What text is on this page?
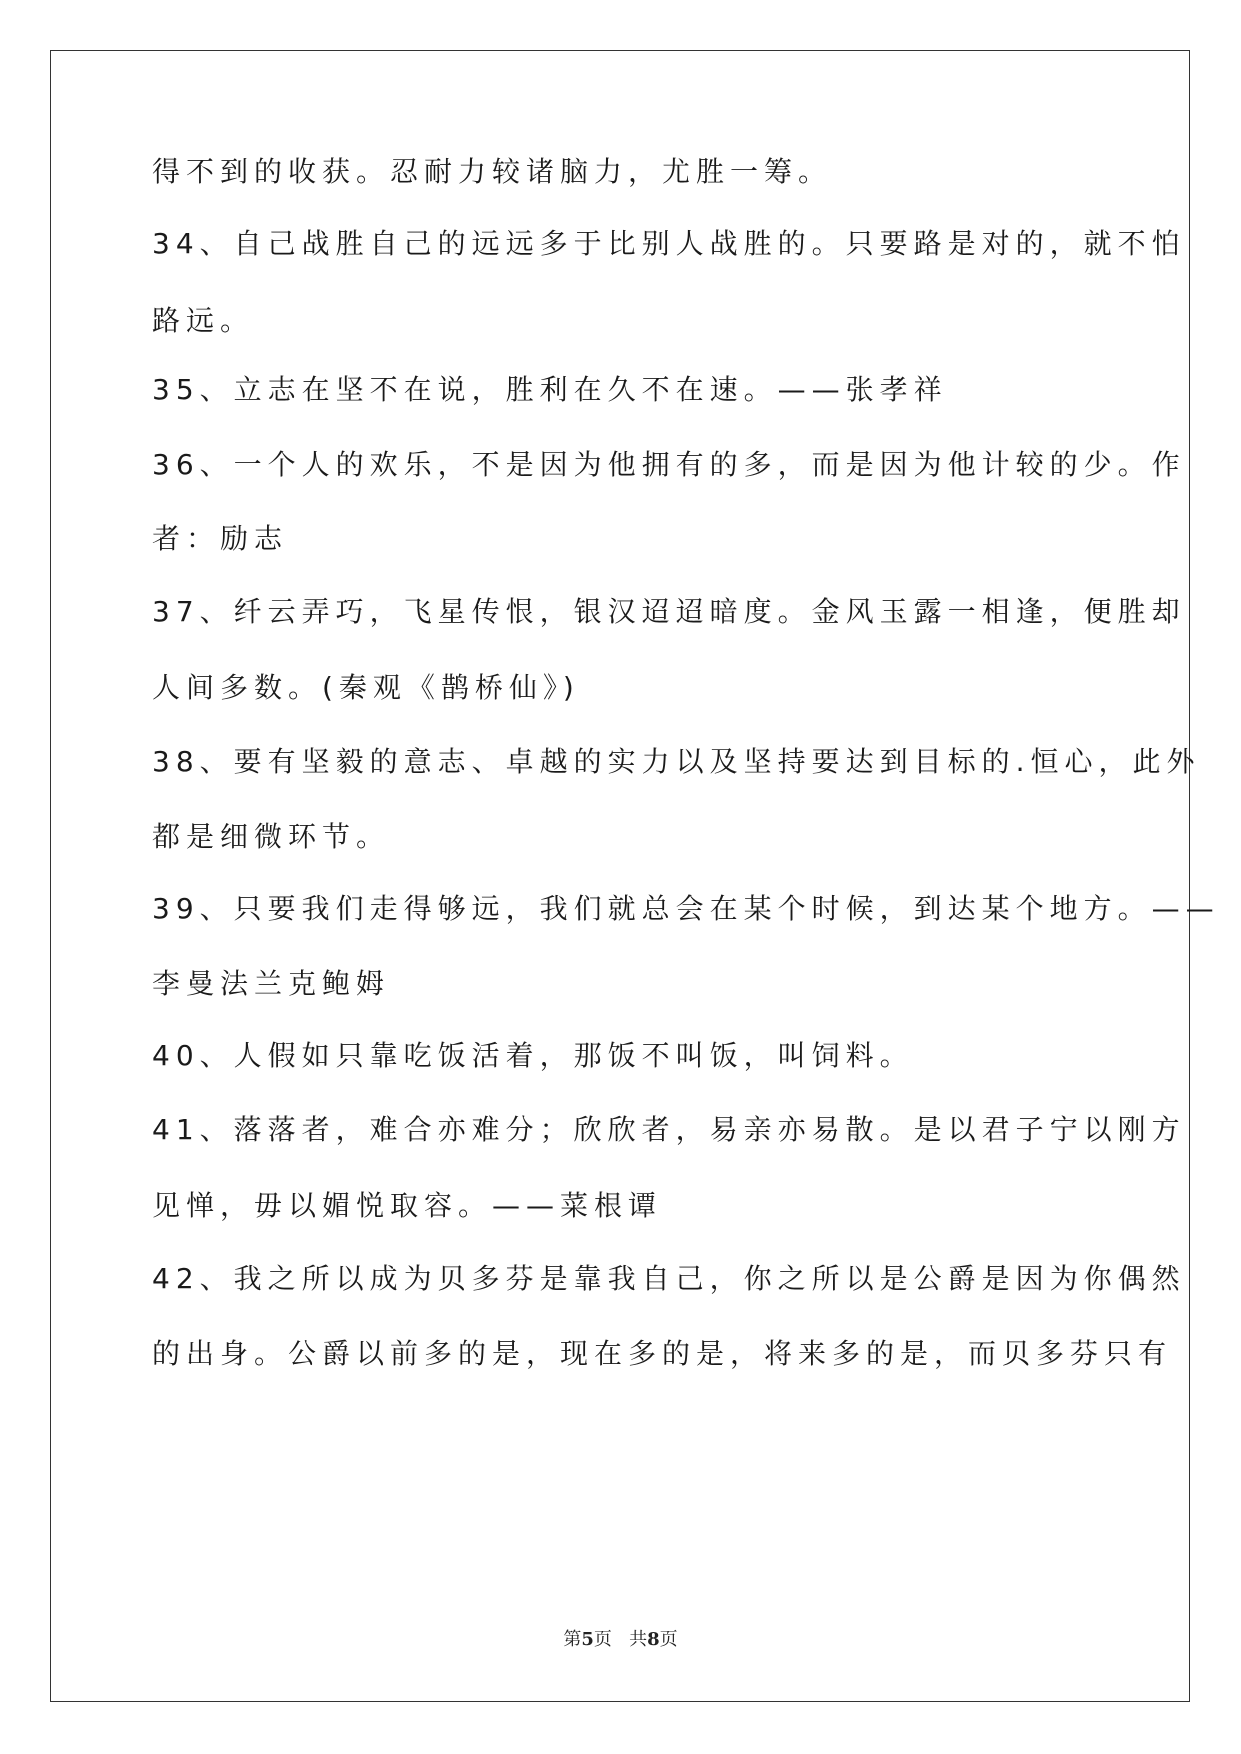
得不到的收获。忍耐力较诸脑力，尤胜一筹。
34、自己战胜自己的远远多于比别人战胜的。只要路是对的，就不怕
路远。
35、立志在坚不在说，胜利在久不在速。——张孝祥
36、一个人的欢乐，不是因为他拥有的多，而是因为他计较的少。作
者：励志
37、纤云弄巧，飞星传恨，银汉迢迢暗度。金风玉露一相逢，便胜却
人间多数。(秦观《鹊桥仙》)
38、要有坚毅的意志、卓越的实力以及坚持要达到目标的.恒心，此外
都是细微环节。
39、只要我们走得够远，我们就总会在某个时候，到达某个地方。——
李曼法兰克鲍姆
40、人假如只靠吃饭活着，那饭不叫饭，叫饲料。
41、落落者，难合亦难分；欣欣者，易亲亦易散。是以君子宁以刚方
见惮，毋以媚悦取容。——菜根谭
42、我之所以成为贝多芬是靠我自己，你之所以是公爵是因为你偶然
的出身。公爵以前多的是，现在多的是，将来多的是，而贝多芬只有
第5页   共8页
